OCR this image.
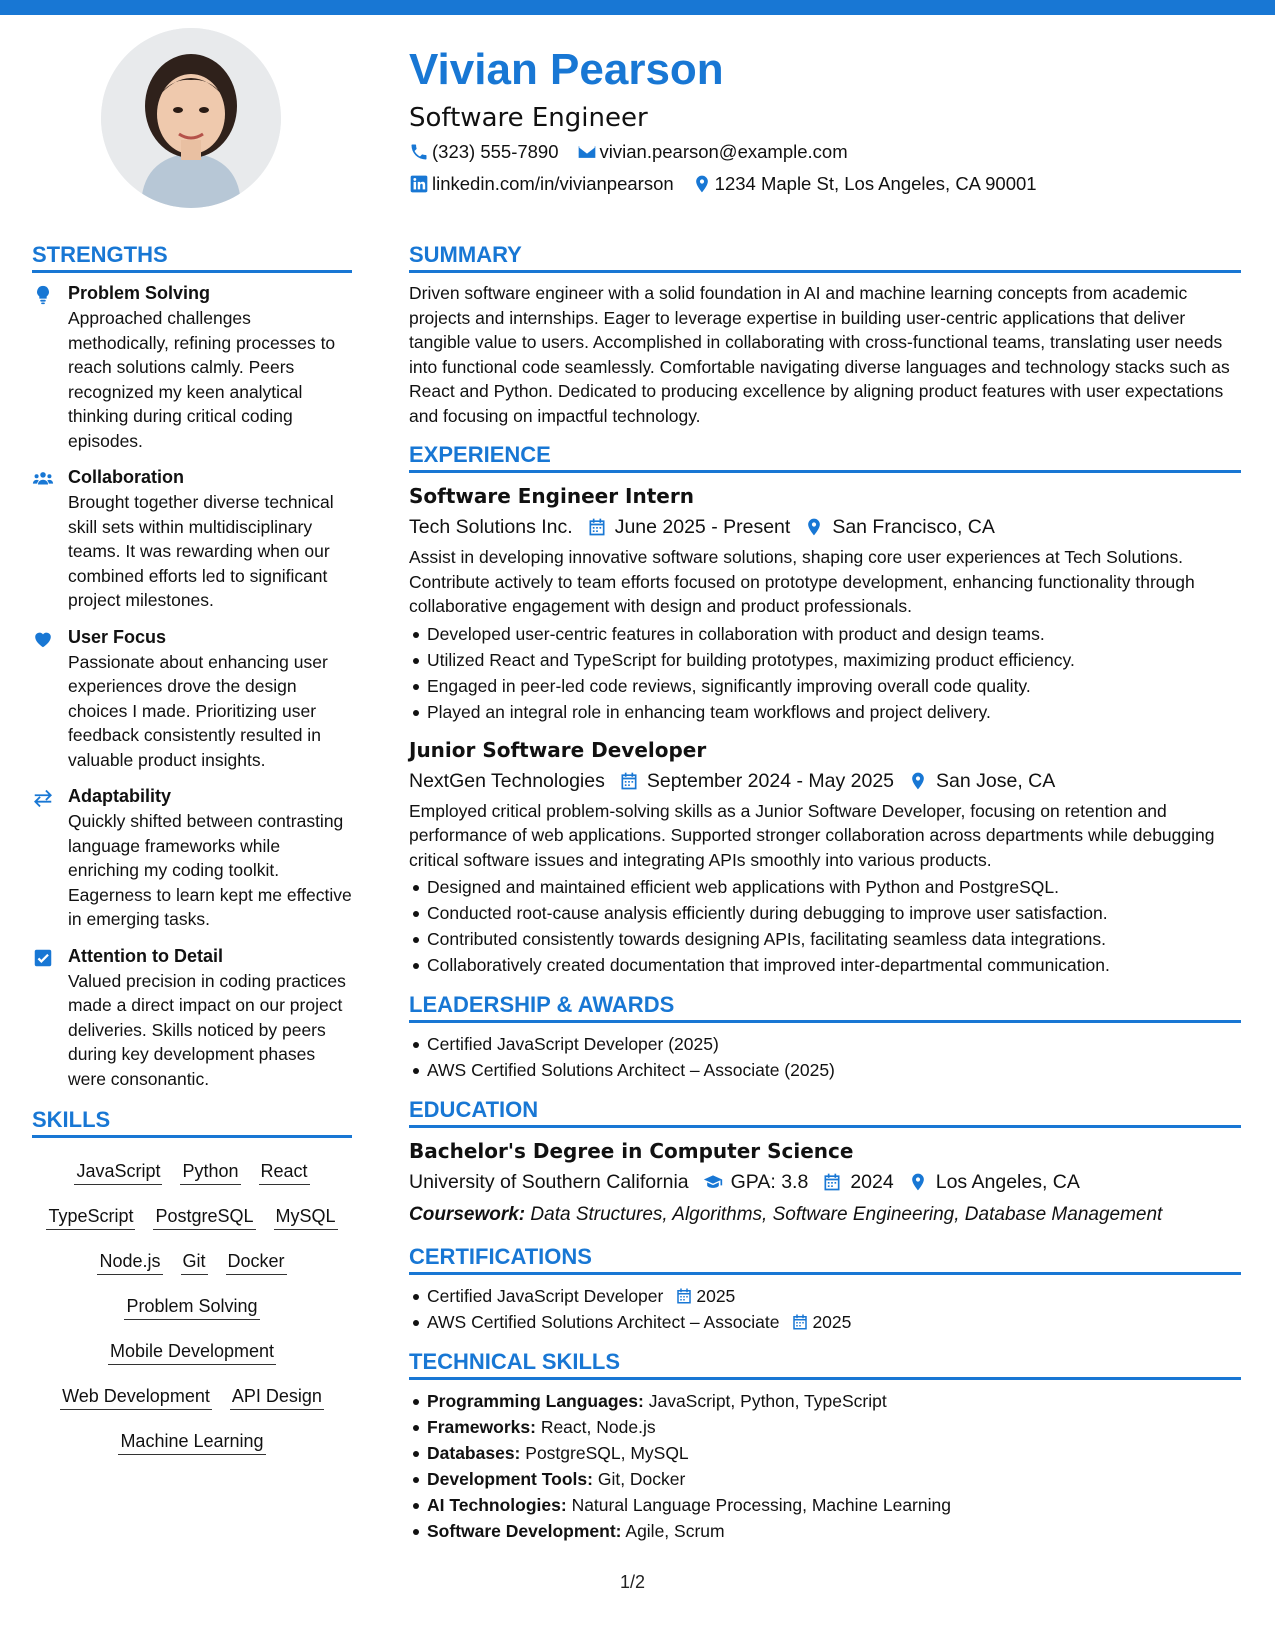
Vivian Pearson
Software Engineer
(323) 555-7890 vivian.pearson@example.com
linkedin.com/in/vivianpearson 1234 Maple St, Los Angeles, CA 90001
STRENGTHS
Problem Solving
Approached challenges methodically, refining processes to reach solutions calmly. Peers recognized my keen analytical thinking during critical coding episodes.
Collaboration
Brought together diverse technical skill sets within multidisciplinary teams. It was rewarding when our combined efforts led to significant project milestones.
User Focus
Passionate about enhancing user experiences drove the design choices I made. Prioritizing user feedback consistently resulted in valuable product insights.
Adaptability
Quickly shifted between contrasting language frameworks while enriching my coding toolkit. Eagerness to learn kept me effective in emerging tasks.
Attention to Detail
Valued precision in coding practices made a direct impact on our project deliveries. Skills noticed by peers during key development phases were consonantic.
SKILLS
JavaScript Python React
TypeScript PostgreSQL MySQL
Node.js Git Docker
Problem Solving
Mobile Development
Web Development API Design
Machine Learning
SUMMARY
Driven software engineer with a solid foundation in AI and machine learning concepts from academic projects and internships. Eager to leverage expertise in building user-centric applications that deliver tangible value to users. Accomplished in collaborating with cross-functional teams, translating user needs into functional code seamlessly. Comfortable navigating diverse languages and technology stacks such as React and Python. Dedicated to producing excellence by aligning product features with user expectations and focusing on impactful technology.
EXPERIENCE
Software Engineer Intern
Tech Solutions Inc. June 2025 - Present San Francisco, CA
Assist in developing innovative software solutions, shaping core user experiences at Tech Solutions. Contribute actively to team efforts focused on prototype development, enhancing functionality through collaborative engagement with design and product professionals.
Developed user-centric features in collaboration with product and design teams.
Utilized React and TypeScript for building prototypes, maximizing product efficiency.
Engaged in peer-led code reviews, significantly improving overall code quality.
Played an integral role in enhancing team workflows and project delivery.
Junior Software Developer
NextGen Technologies September 2024 - May 2025 San Jose, CA
Employed critical problem-solving skills as a Junior Software Developer, focusing on retention and performance of web applications. Supported stronger collaboration across departments while debugging critical software issues and integrating APIs smoothly into various products.
Designed and maintained efficient web applications with Python and PostgreSQL.
Conducted root-cause analysis efficiently during debugging to improve user satisfaction.
Contributed consistently towards designing APIs, facilitating seamless data integrations.
Collaboratively created documentation that improved inter-departmental communication.
LEADERSHIP & AWARDS
Certified JavaScript Developer (2025)
AWS Certified Solutions Architect – Associate (2025)
EDUCATION
Bachelor's Degree in Computer Science
University of Southern California GPA: 3.8 2024 Los Angeles, CA
Coursework: Data Structures, Algorithms, Software Engineering, Database Management
CERTIFICATIONS
Certified JavaScript Developer 2025
AWS Certified Solutions Architect – Associate 2025
TECHNICAL SKILLS
Programming Languages: JavaScript, Python, TypeScript
Frameworks: React, Node.js
Databases: PostgreSQL, MySQL
Development Tools: Git, Docker
AI Technologies: Natural Language Processing, Machine Learning
Software Development: Agile, Scrum
1/2
